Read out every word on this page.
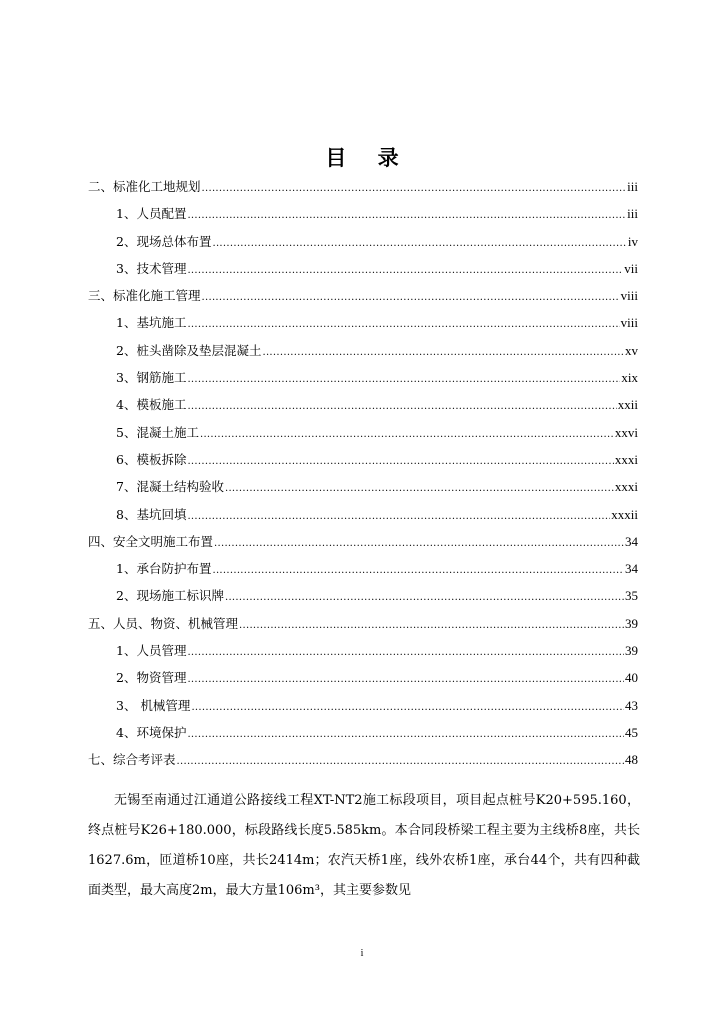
目 录
二、标准化工地规划 .....	iii
1、人员配置 .....	iii
2、现场总体布置 .....	iv
3、技术管理 .....	vii
三、标准化施工管理 .....	viii
1、基坑施工 .....	viii
2、桩头凿除及垫层混凝土 .....	xv
3、钢筋施工 .....	xix
4、模板施工 .....	xxii
5、混凝土施工 .....	xxvi
6、模板拆除 .....	xxxi
7、混凝土结构验收 .....	xxxi
8、基坑回填 .....	xxxii
四、安全文明施工布置 .....	34
1、承台防护布置 .....	34
2、现场施工标识牌 .....	35
五、人员、物资、机械管理 .....	39
1、人员管理 .....	39
2、物资管理 .....	40
3、 机械管理 .....	43
4、环境保护 .....	45
七、综合考评表 .....	48

无锡至南通过江通道公路接线工程XT-NT2施工标段项目，项目起点桩号K20+595.160，终点桩号K26+180.000，标段路线长度5.585km。本合同段桥梁工程主要为主线桥8座，共长1627.6m，匝道桥10座，共长2414m；农汽天桥1座，线外农桥1座，承台44个，共有四种截面类型，最大高度2m，最大方量106m³，其主要参数见

i
